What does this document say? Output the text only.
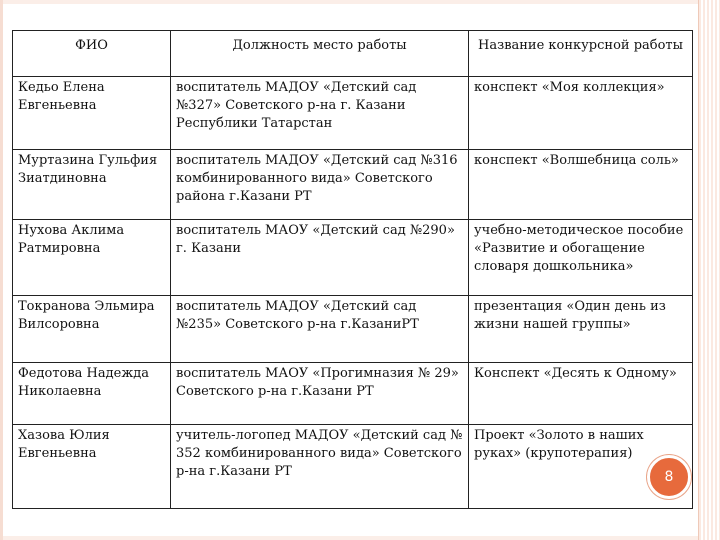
ФИО	Должность место работы	Название конкурсной работы
Кедьо Елена Евгеньевна	воспитатель МАДОУ «Детский сад №327» Советского р-на г. Казани Республики Татарстан	конспект «Моя коллекция»
Муртазина Гульфия Зиатдиновна	воспитатель МАДОУ «Детский сад №316 комбинированного вида» Советского района г.Казани РТ	конспект «Волшебница соль»
Нухова Аклима Ратмировна	воспитатель МАОУ «Детский сад №290» г. Казани	учебно-методическое пособие «Развитие и обогащение словаря дошкольника»
Токранова Эльмира Вилсоровна	воспитатель МАДОУ «Детский сад №235» Советского р-на г.КазаниРТ	презентация «Один день из жизни нашей группы»
Федотова Надежда Николаевна	воспитатель МАОУ «Прогимназия № 29» Советского р-на г.Казани РТ	Конспект «Десять к Одному»
Хазова Юлия Евгеньевна	учитель-логопед МАДОУ «Детский сад № 352 комбинированного вида» Советского р-на г.Казани РТ	Проект «Золото в наших руках» (крупотерапия)
8
